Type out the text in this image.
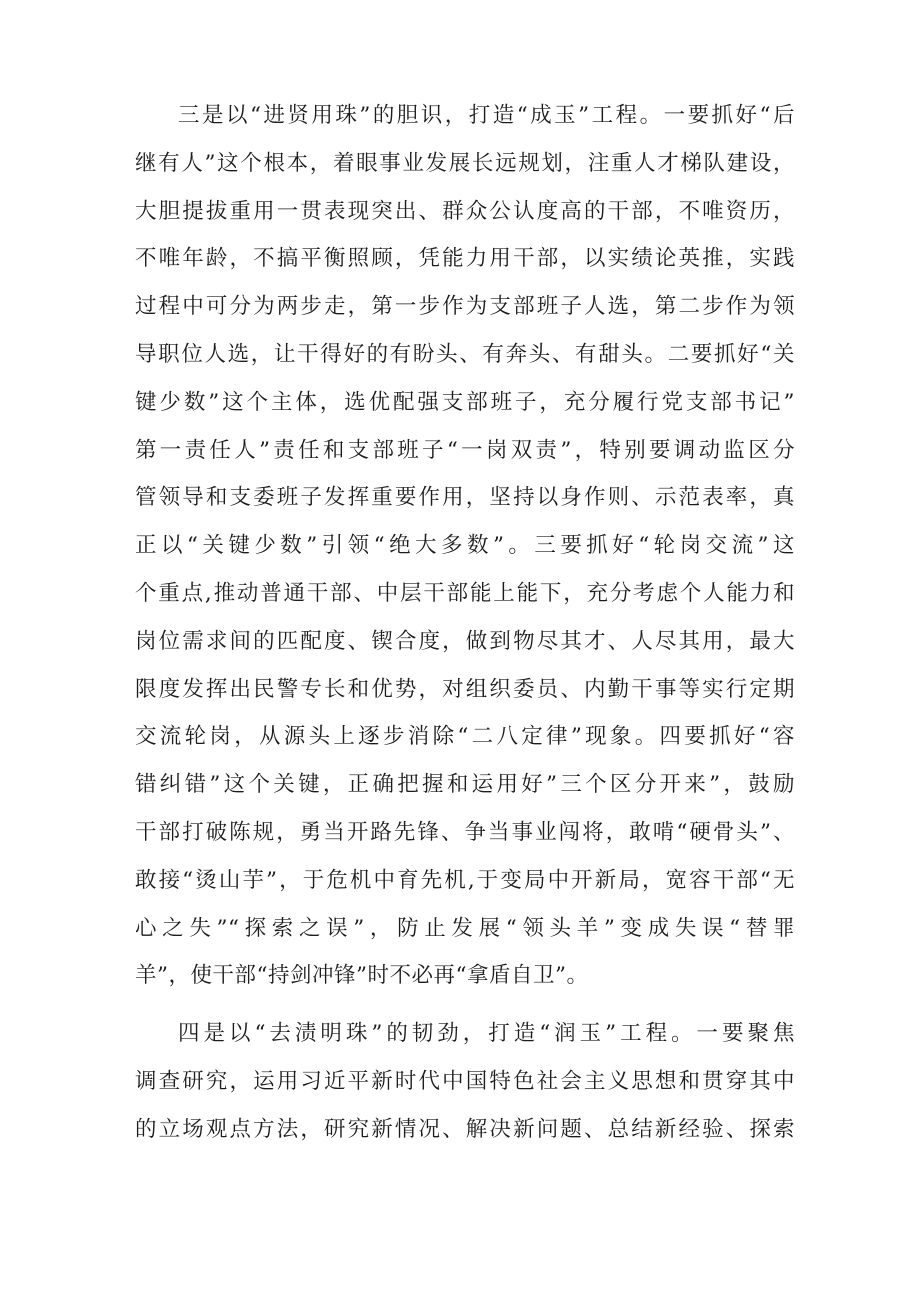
三是以“进贤用珠”的胆识，打造“成玉”工程。一要抓好“后
继有人”这个根本，着眼事业发展长远规划，注重人才梯队建设，
大胆提拔重用一贯表现突出、群众公认度高的干部，不唯资历，
不唯年龄，不搞平衡照顾，凭能力用干部，以实绩论英推，实践
过程中可分为两步走，第一步作为支部班子人选，第二步作为领
导职位人选，让干得好的有盼头、有奔头、有甜头。二要抓好“关
键少数”这个主体，选优配强支部班子，充分履行党支部书记”
第一责任人”责任和支部班子“一岗双责”，特别要调动监区分
管领导和支委班子发挥重要作用，坚持以身作则、示范表率，真
正以“关键少数”引领“绝大多数”。三要抓好“轮岗交流”这
个重点,推动普通干部、中层干部能上能下，充分考虑个人能力和
岗位需求间的匹配度、锲合度，做到物尽其才、人尽其用，最大
限度发挥出民警专长和优势，对组织委员、内勤干事等实行定期
交流轮岗，从源头上逐步消除“二八定律”现象。四要抓好“容
错纠错”这个关键，正确把握和运用好”三个区分开来”，鼓励
干部打破陈规，勇当开路先锋、争当事业闯将，敢啃“硬骨头”、
敢接“烫山芋”，于危机中育先机,于变局中开新局，宽容干部“无
心之失”“探索之误”，防止发展“领头羊”变成失误“替罪
羊”，使干部“持剑冲锋”时不必再“拿盾自卫”。
四是以“去渍明珠”的韧劲，打造“润玉”工程。一要聚焦
调查研究，运用习近平新时代中国特色社会主义思想和贯穿其中
的立场观点方法，研究新情况、解决新问题、总结新经验、探索
